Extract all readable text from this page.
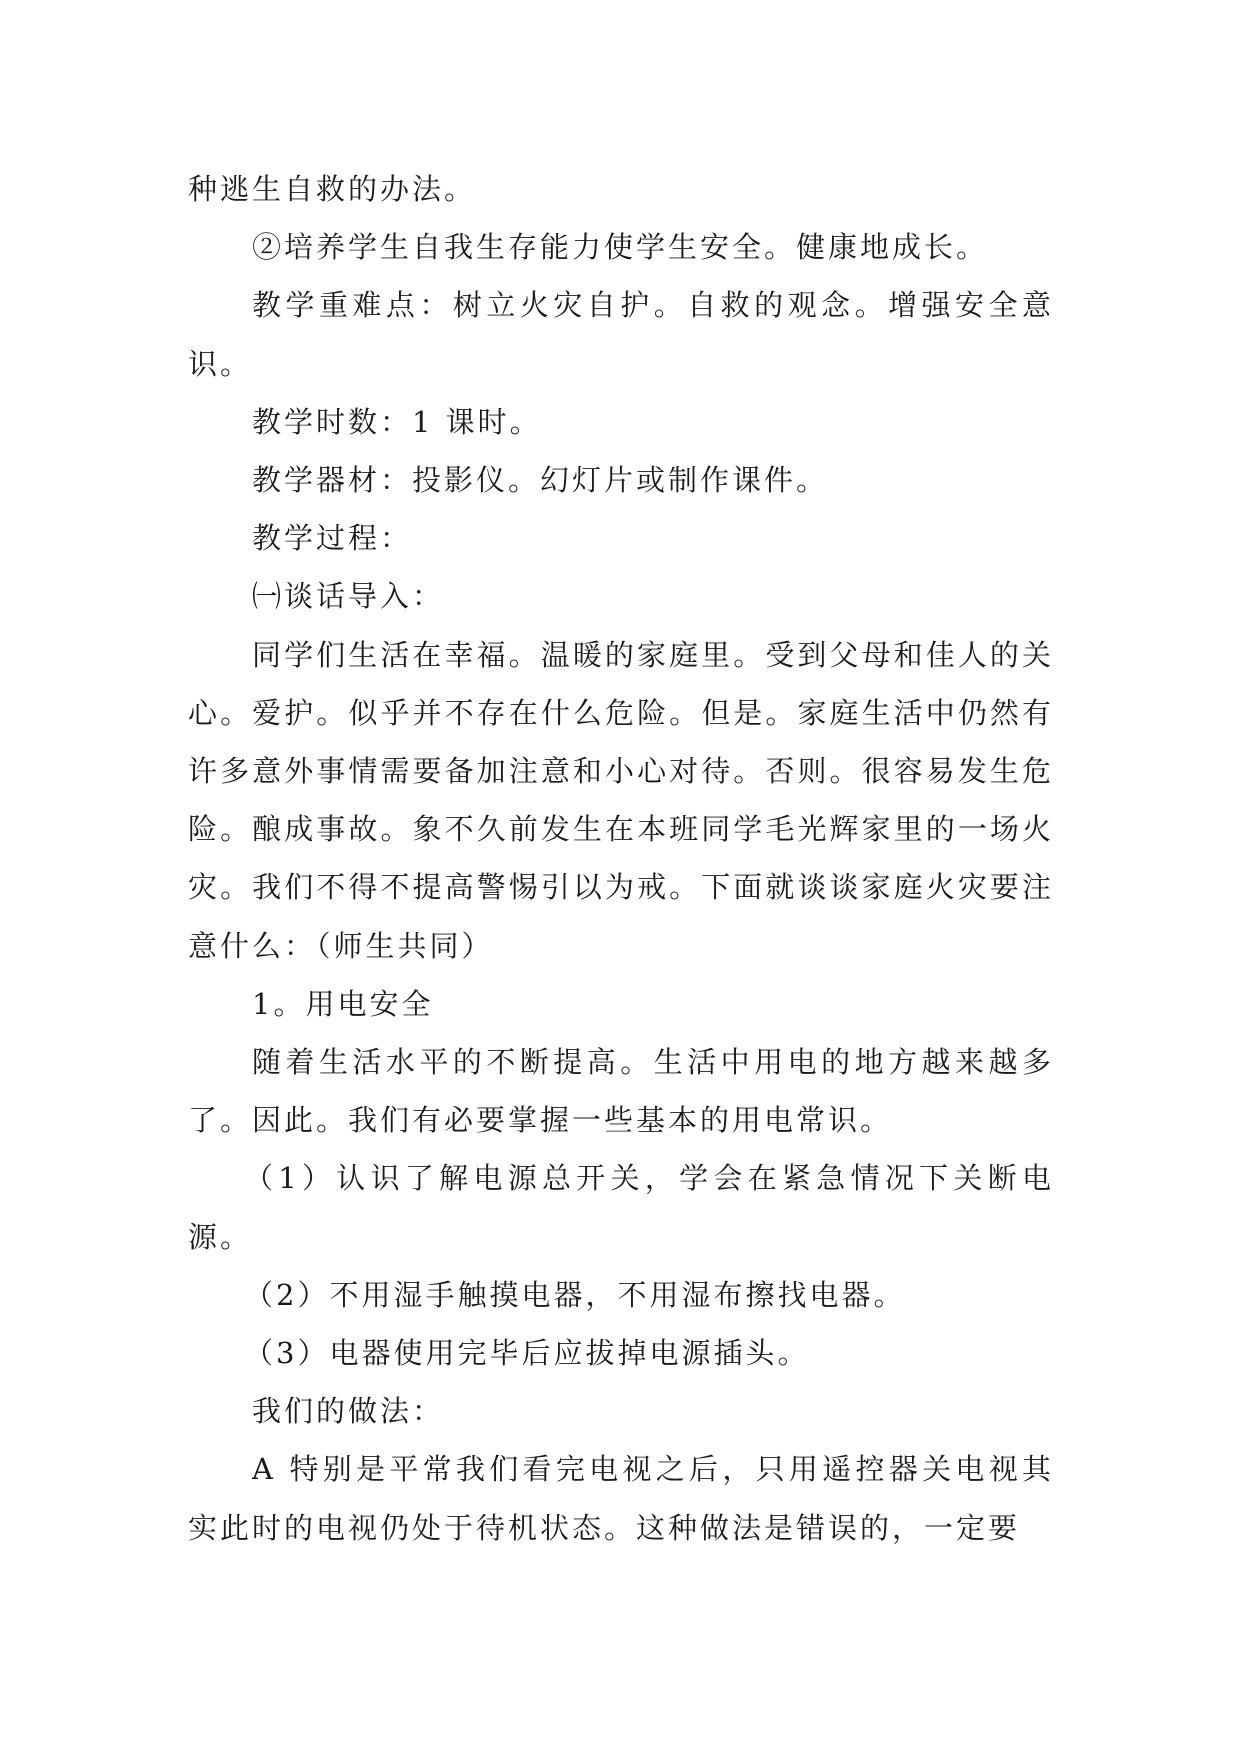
种逃生自救的办法。

②培养学生自我生存能力使学生安全。健康地成长。

教学重难点：树立火灾自护。自救的观念。增强安全意识。

教学时数：1 课时。

教学器材：投影仪。幻灯片或制作课件。

教学过程：

㈠谈话导入：

同学们生活在幸福。温暖的家庭里。受到父母和佳人的关心。爱护。似乎并不存在什么危险。但是。家庭生活中仍然有许多意外事情需要备加注意和小心对待。否则。很容易发生危险。酿成事故。象不久前发生在本班同学毛光辉家里的一场火灾。我们不得不提高警惕引以为戒。下面就谈谈家庭火灾要注意什么：（师生共同）

1。用电安全

随着生活水平的不断提高。生活中用电的地方越来越多了。因此。我们有必要掌握一些基本的用电常识。

（1）认识了解电源总开关，学会在紧急情况下关断电源。

（2）不用湿手触摸电器，不用湿布擦找电器。

（3）电器使用完毕后应拔掉电源插头。

我们的做法：

A 特别是平常我们看完电视之后，只用遥控器关电视其实此时的电视仍处于待机状态。这种做法是错误的，一定要
